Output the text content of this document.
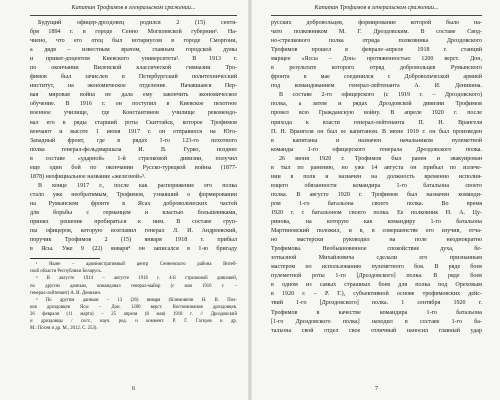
Капитан Трофимов в геенральском сражении...
Будущий офицер-дроздовец родился 2 (15) сентя-
бря 1894 г. в городе Сенно Могилевской губернии¹. На-
чнено, что его отец был нотариусом в городе Сморгони,
а дядя – известным врачом, главным городской думы
и приват-доцентом Киевского университета². В 1913 г.
по окончании Виленской классической гимназии Тро-
фимов был зачислен в Петербургский политехнический
институт, на экономическое отделение. Начавшаяся Пер-
вая мировая война не дала ему закончить экономическое
обучение. В 1916 г. он поступил в Киевское пехотное
военное училище, где Константинов училище рекомендо-
вал его в ряды старший роты Скиттайск, которое Трофимов
венчают и высоте 1 июня 1917 г. он отправился на Юго-
Западный фронт, где в рядах 1-го 123-го пехотного
полка генерал-фельдмаршала И. В. Гурко, позднее
в составе «ударной» 1-й стрелковой дивизии, получил
еще один бой по окончании Русско-турецкой войны (1877-
1878) неофициальное название «железной»³.
В конце 1917 г., после как распоряжение его полка
стало уже необратимым, Трофимов, узнавший о формировании
на Румынском фронте в Ясах добровольческих частей
для борьбы с германцем и властью большевиками,
принял решение пробираться к ним. В составе груп-
пы офицеров, которую возглавил генерал Л. И. Андреевский,
поручик Трофимов 2 (15) января 1918 г. прибыл
в Ясы. Уже 9 (22) января⁴ он записался в 1-ю бригаду
¹ Ныне – административный центр Сенненского района Витеб-
ской области Республики Беларусь.
² В августе 1914 – августе 1916 г. 4-й стрелковой дивизией,
по другим данным, командовал генерал-майор (с мая 1916 г. –
генерал-лейтенант) А. И. Деникин.
³ По другим данным – 13 (26) января (Климовичи Н. В. Пол-
ков дроздовцев Ясы – Дон. 1200 верст. Воспоминания дроздовцев.
26 февраля (11 марта) – 25 апреля (8 мая) 1918 г. // Дроздовский
и дроздовцы / сост., науч. ред. и коммент. Р. Г. Гагкуев и др.
М.: Посев и др. М., 2012. С. 253).
6
Капитан Трофимов в генеральском сражении...
русских добровольцев, формирование которой было на-
чато полковником М. Г. Дроздовским. В составе Свод-
но-стрелкового полка отряда полковника Дроздовского
Трофимов прошел в феврале–апреле 1918 г. станций
марщее «Яссы – Дон» протяженностью 1200 верст. Дон,
в результате которого отряд добровольцев Румынского
фронта в мае соединился с Добровольческой армией
под командованием генерал-лейтенанта А. И. Деникина.
В составе 2-го офицерского (с 1919 г. – Дроздовского)
полка, а затем и рядах Дроздовской дивизии Трофимов
провел всю Гражданскую войну. В апреле 1920 г. после
прихода к власти генерал-лейтенанта П. Н. Врангеля
П. Н. Врангеля он был ее капитаном. В июне 1919 г. он был произведен
в капитаны и назначен начальником пулеметной
команды 1-го офицерского генерала Дроздовского полка.
26 июня 1920 г. Трофимов был ранен и эвакуирован
в тыл по ранению, но уже 14 августа он прибыл по излече-
нии в полк и назначен на должность временно исполня-
ющего обязанности командира 1-го батальона своего
полка. В августе 1920 г. Трофимов был назначен команди-
ром 1-го батальона своего полка. Во время
1920 г. с батальоном своего полка. Ее полковник Н. А. Цу-
ринова, на которую как командиру 1-го батальона
Мартиновский положил, и в, в совершенстве его изучив, отча-
но мастерски руководил на поле неоднократно
Трофимова. Необыкновенное спокойствие духа, бе-
зотказной Михайловича сделали его признанным
мастером по использованию пулеметного боя. В ряде боев
пулеметной роты 1-го [Дроздовского] полка. В ряде боев
в одном из самых страшных боев для полка под Ореховым
в 1920 г. – Р. Г.), субъективной основе трофимовских дейс-
твий 1-го [Дроздовского] полка. 1 сентября 1920 г.
Трофимов в качестве командира 1-го батальона
[1-го Дроздовского полка] находил в составе 1-го ба-
тальона свой отдел свое отличный наносил главный удар
7
